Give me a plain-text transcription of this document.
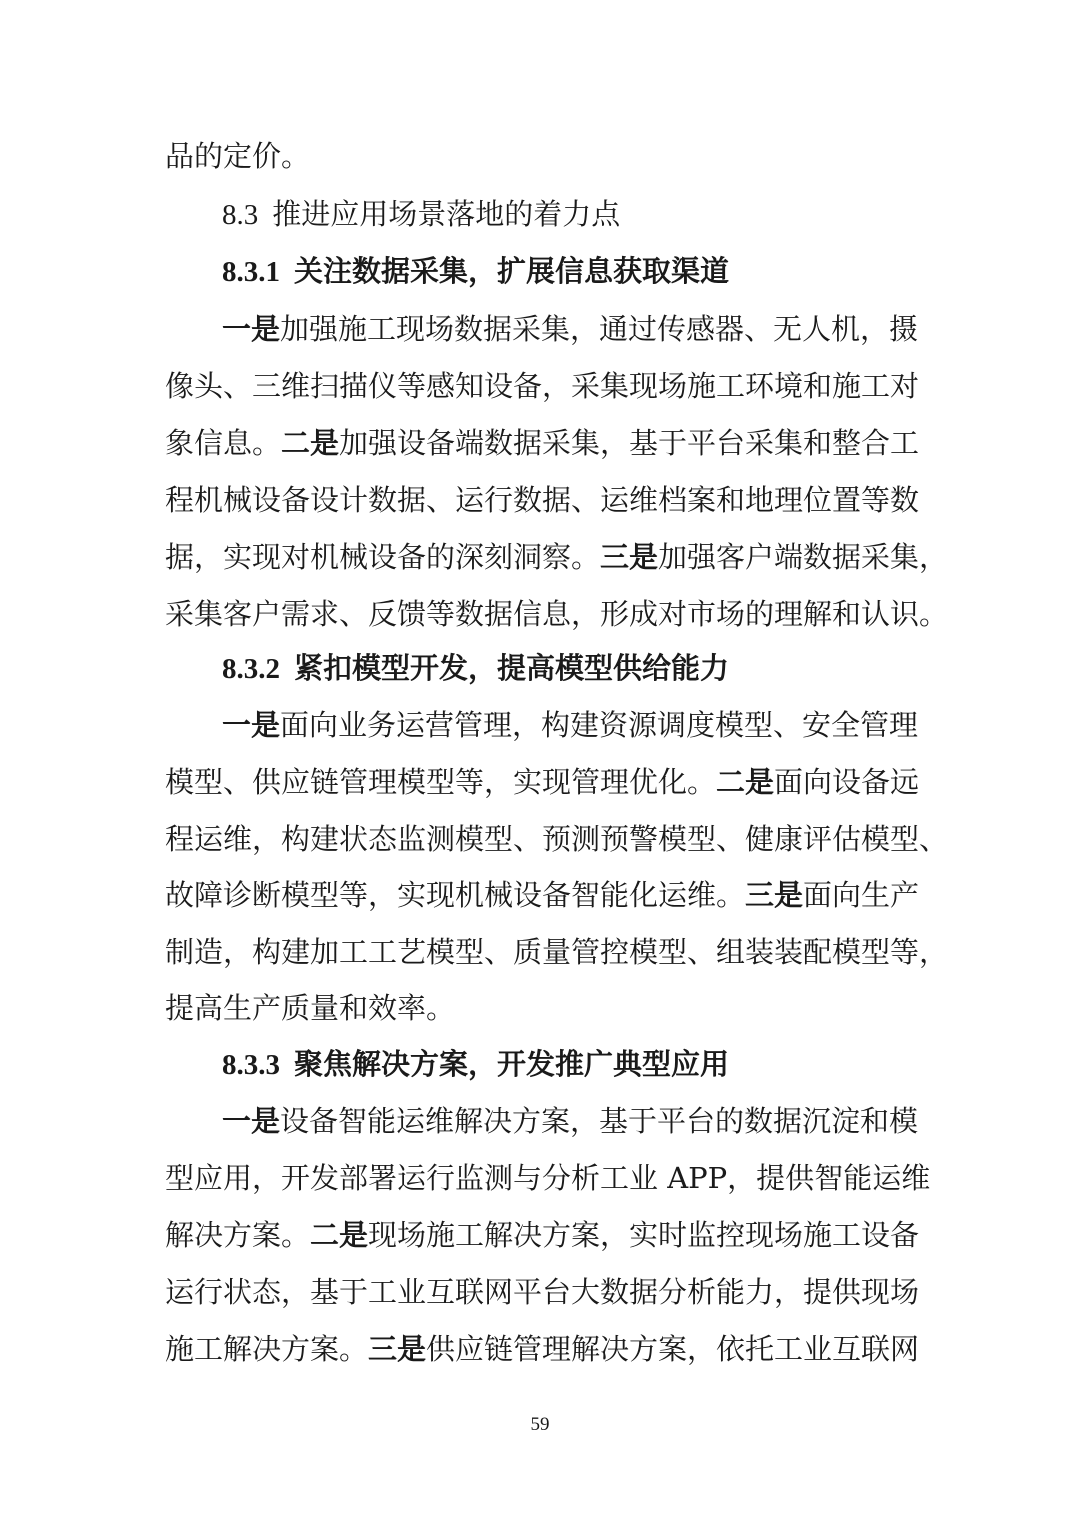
品的定价。
8.3 推进应用场景落地的着力点
8.3.1 关注数据采集，扩展信息获取渠道
一是加强施工现场数据采集，通过传感器、无人机，摄
像头、三维扫描仪等感知设备，采集现场施工环境和施工对
象信息。二是加强设备端数据采集，基于平台采集和整合工
程机械设备设计数据、运行数据、运维档案和地理位置等数
据，实现对机械设备的深刻洞察。三是加强客户端数据采集，
采集客户需求、反馈等数据信息，形成对市场的理解和认识。
8.3.2 紧扣模型开发，提高模型供给能力
一是面向业务运营管理，构建资源调度模型、安全管理
模型、供应链管理模型等，实现管理优化。二是面向设备远
程运维，构建状态监测模型、预测预警模型、健康评估模型、
故障诊断模型等，实现机械设备智能化运维。三是面向生产
制造，构建加工工艺模型、质量管控模型、组装装配模型等，
提高生产质量和效率。
8.3.3 聚焦解决方案，开发推广典型应用
一是设备智能运维解决方案，基于平台的数据沉淀和模
型应用，开发部署运行监测与分析工业 APP，提供智能运维
解决方案。二是现场施工解决方案，实时监控现场施工设备
运行状态，基于工业互联网平台大数据分析能力，提供现场
施工解决方案。三是供应链管理解决方案，依托工业互联网
59
